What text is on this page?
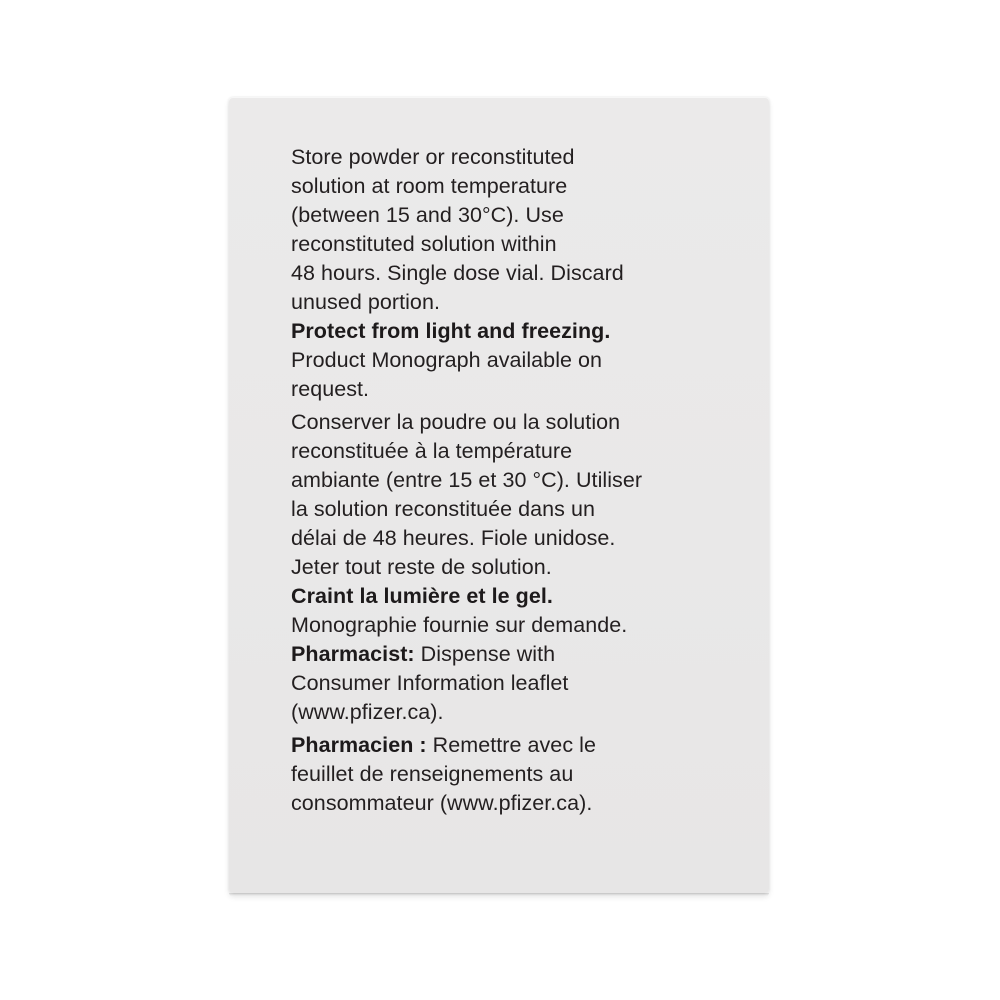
Store powder or reconstituted
solution at room temperature
(between 15 and 30°C). Use
reconstituted solution within
48 hours. Single dose vial. Discard
unused portion.

Protect from light and freezing.

Product Monograph available on
request.

Conserver la poudre ou la solution
reconstituée à la température
ambiante (entre 15 et 30 °C). Utiliser
la solution reconstituée dans un
délai de 48 heures. Fiole unidose.
Jeter tout reste de solution.

Craint la lumière et le gel.

Monographie fournie sur demande.

Pharmacist: Dispense with
Consumer Information leaflet
(www.pfizer.ca).

Pharmacien : Remettre avec le
feuillet de renseignements au
consommateur (www.pfizer.ca).
